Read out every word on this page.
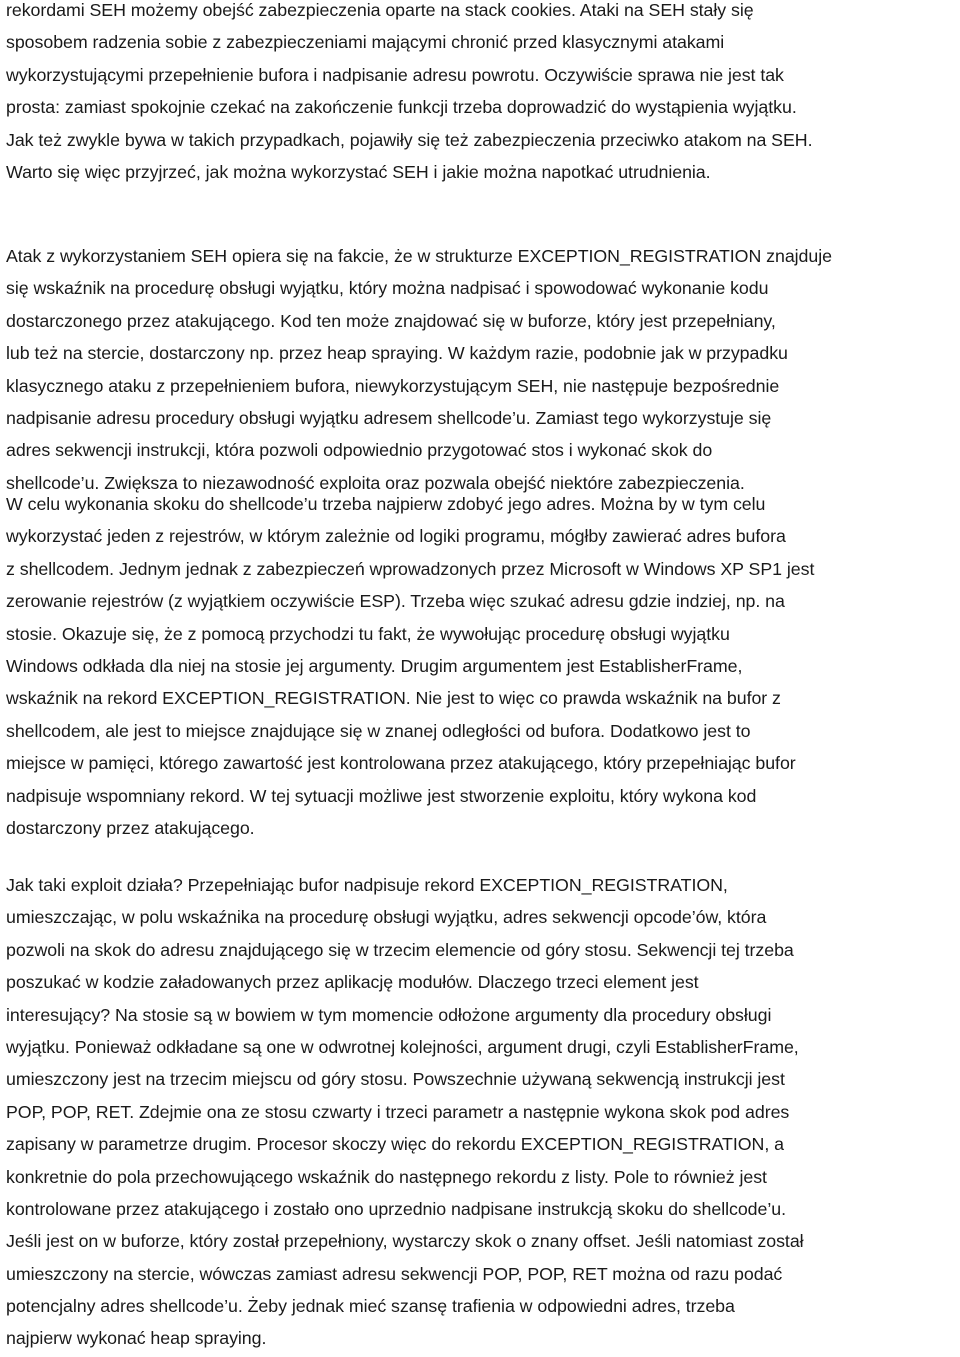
rekordami SEH możemy obejść zabezpieczenia oparte na stack cookies. Ataki na SEH stały się
sposobem radzenia sobie z zabezpieczeniami mającymi chronić przed klasycznymi atakami
wykorzystującymi przepełnienie bufora i nadpisanie adresu powrotu. Oczywiście sprawa nie jest tak
prosta: zamiast spokojnie czekać na zakończenie funkcji trzeba doprowadzić do wystąpienia wyjątku.
Jak też zwykle bywa w takich przypadkach, pojawiły się też zabezpieczenia przeciwko atakom na SEH.
Warto się więc przyjrzeć, jak można wykorzystać SEH i jakie można napotkać utrudnienia.
Atak z wykorzystaniem SEH opiera się na fakcie, że w strukturze EXCEPTION_REGISTRATION znajduje
się wskaźnik na procedurę obsługi wyjątku, który można nadpisać i spowodować wykonanie kodu
dostarczonego przez atakującego. Kod ten może znajdować się w buforze, który jest przepełniany,
lub też na stercie, dostarczony np. przez heap spraying. W każdym razie, podobnie jak w przypadku
klasycznego ataku z przepełnieniem bufora, niewykorzystującym SEH, nie następuje bezpośrednie
nadpisanie adresu procedury obsługi wyjątku adresem shellcode’u. Zamiast tego wykorzystuje się
adres sekwencji instrukcji, która pozwoli odpowiednio przygotować stos i wykonać skok do
shellcode’u. Zwiększa to niezawodność exploita oraz pozwala obejść niektóre zabezpieczenia.
W celu wykonania skoku do shellcode’u trzeba najpierw zdobyć jego adres. Można by w tym celu
wykorzystać jeden z rejestrów, w którym zależnie od logiki programu, mógłby zawierać adres bufora
z shellcodem. Jednym jednak z zabezpieczeń wprowadzonych przez Microsoft w Windows XP SP1 jest
zerowanie rejestrów (z wyjątkiem oczywiście ESP). Trzeba więc szukać adresu gdzie indziej, np. na
stosie. Okazuje się, że z pomocą przychodzi tu fakt, że wywołując procedurę obsługi wyjątku
Windows odkłada dla niej na stosie jej argumenty. Drugim argumentem jest EstablisherFrame,
wskaźnik na rekord EXCEPTION_REGISTRATION. Nie jest to więc co prawda wskaźnik na bufor z
shellcodem, ale jest to miejsce znajdujące się w znanej odległości od bufora. Dodatkowo jest to
miejsce w pamięci, którego zawartość jest kontrolowana przez atakującego, który przepełniając bufor
nadpisuje wspomniany rekord. W tej sytuacji możliwe jest stworzenie exploitu, który wykona kod
dostarczony przez atakującego.
Jak taki exploit działa? Przepełniając bufor nadpisuje rekord EXCEPTION_REGISTRATION,
umieszczając, w polu wskaźnika na procedurę obsługi wyjątku, adres sekwencji opcode’ów, która
pozwoli na skok do adresu znajdującego się w trzecim elemencie od góry stosu. Sekwencji tej trzeba
poszukać w kodzie załadowanych przez aplikację modułów. Dlaczego trzeci element jest
interesujący? Na stosie są w bowiem w tym momencie odłożone argumenty dla procedury obsługi
wyjątku. Ponieważ odkładane są one w odwrotnej kolejności, argument drugi, czyli EstablisherFrame,
umieszczony jest na trzecim miejscu od góry stosu. Powszechnie używaną sekwencją instrukcji jest
POP, POP, RET. Zdejmie ona ze stosu czwarty i trzeci parametr a następnie wykona skok pod adres
zapisany w parametrze drugim. Procesor skoczy więc do rekordu EXCEPTION_REGISTRATION, a
konkretnie do pola przechowującego wskaźnik do następnego rekordu z listy. Pole to również jest
kontrolowane przez atakującego i zostało ono uprzednio nadpisane instrukcją skoku do shellcode’u.
Jeśli jest on w buforze, który został przepełniony, wystarczy skok o znany offset. Jeśli natomiast został
umieszczony na stercie, wówczas zamiast adresu sekwencji POP, POP, RET można od razu podać
potencjalny adres shellcode’u. Żeby jednak mieć szansę trafienia w odpowiedni adres, trzeba
najpierw wykonać heap spraying.
